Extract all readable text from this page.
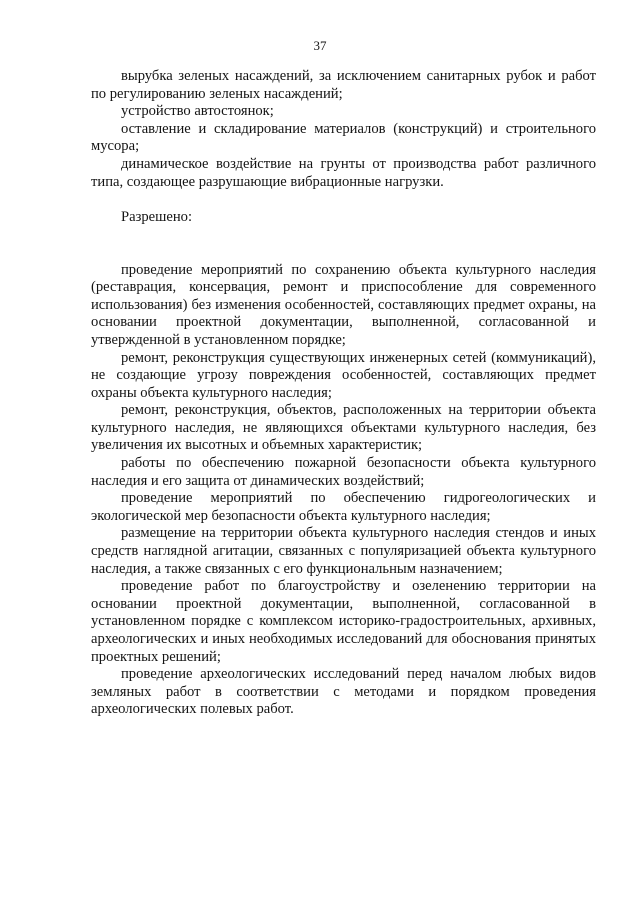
37

вырубка зеленых насаждений, за исключением санитарных рубок и работ по регулированию зеленых насаждений;

устройство автостоянок;

оставление и складирование материалов (конструкций) и строительного мусора;

динамическое воздействие на грунты от производства работ различного типа, создающее разрушающие вибрационные нагрузки.

Разрешено:

проведение мероприятий по сохранению объекта культурного наследия (реставрация, консервация, ремонт и приспособление для современного использования) без изменения особенностей, составляющих предмет охраны, на основании проектной документации, выполненной, согласованной и утвержденной в установленном порядке;

ремонт, реконструкция существующих инженерных сетей (коммуникаций), не создающие угрозу повреждения особенностей, составляющих предмет охраны объекта культурного наследия;

ремонт, реконструкция, объектов, расположенных на территории объекта культурного наследия, не являющихся объектами культурного наследия, без увеличения их высотных и объемных характеристик;

работы по обеспечению пожарной безопасности объекта культурного наследия и его защита от динамических воздействий;

проведение мероприятий по обеспечению гидрогеологических и экологической мер безопасности объекта культурного наследия;

размещение на территории объекта культурного наследия стендов и иных средств наглядной агитации, связанных с популяризацией объекта культурного наследия, а также связанных с его функциональным назначением;

проведение работ по благоустройству и озеленению территории на основании проектной документации, выполненной, согласованной в установленном порядке с комплексом историко-градостроительных, архивных, археологических и иных необходимых исследований для обоснования принятых проектных решений;

проведение археологических исследований перед началом любых видов земляных работ в соответствии с методами и порядком проведения археологических полевых работ.
